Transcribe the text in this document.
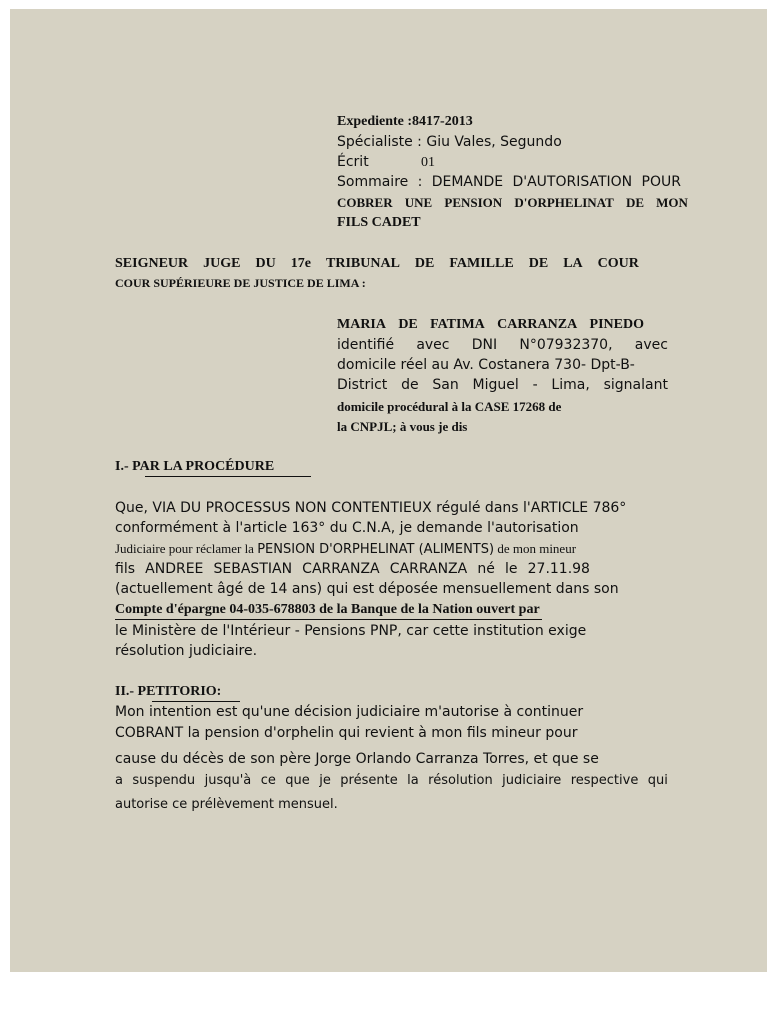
Expediente :8417-2013
Spécialiste : Giu Vales, Segundo
Écrit	01
Sommaire : DEMANDE D'AUTORISATION POUR
COBRER UNE PENSION D'ORPHELINAT DE MON
FILS CADET
SEIGNEUR JUGE DU 17e TRIBUNAL DE FAMILLE DE LA COUR
COUR SUPÉRIEURE DE JUSTICE DE LIMA :
MARIA DE FATIMA CARRANZA PINEDO
identifié avec DNI N°07932370, avec
domicile réel au Av. Costanera 730- Dpt-B-
District de San Miguel - Lima, signalant
domicile procédural à la CASE 17268 de
la CNPJL; à vous je dis
I.- PAR LA PROCÉDURE
Que, VIA DU PROCESSUS NON CONTENTIEUX régulé dans l'ARTICLE 786°
conformément à l'article 163° du C.N.A, je demande l'autorisation
Judiciaire pour réclamer la PENSION D'ORPHELINAT (ALIMENTS) de mon mineur
fils ANDREE SEBASTIAN CARRANZA CARRANZA né le 27.11.98
(actuellement âgé de 14 ans) qui est déposée mensuellement dans son
Compte d'épargne 04-035-678803 de la Banque de la Nation ouvert par
le Ministère de l'Intérieur - Pensions PNP, car cette institution exige
résolution judiciaire.
II.- PETITORIO:
Mon intention est qu'une décision judiciaire m'autorise à continuer
COBRANT la pension d'orphelin qui revient à mon fils mineur pour
cause du décès de son père Jorge Orlando Carranza Torres, et que se
a suspendu jusqu'à ce que je présente la résolution judiciaire respective qui
autorise ce prélèvement mensuel.
